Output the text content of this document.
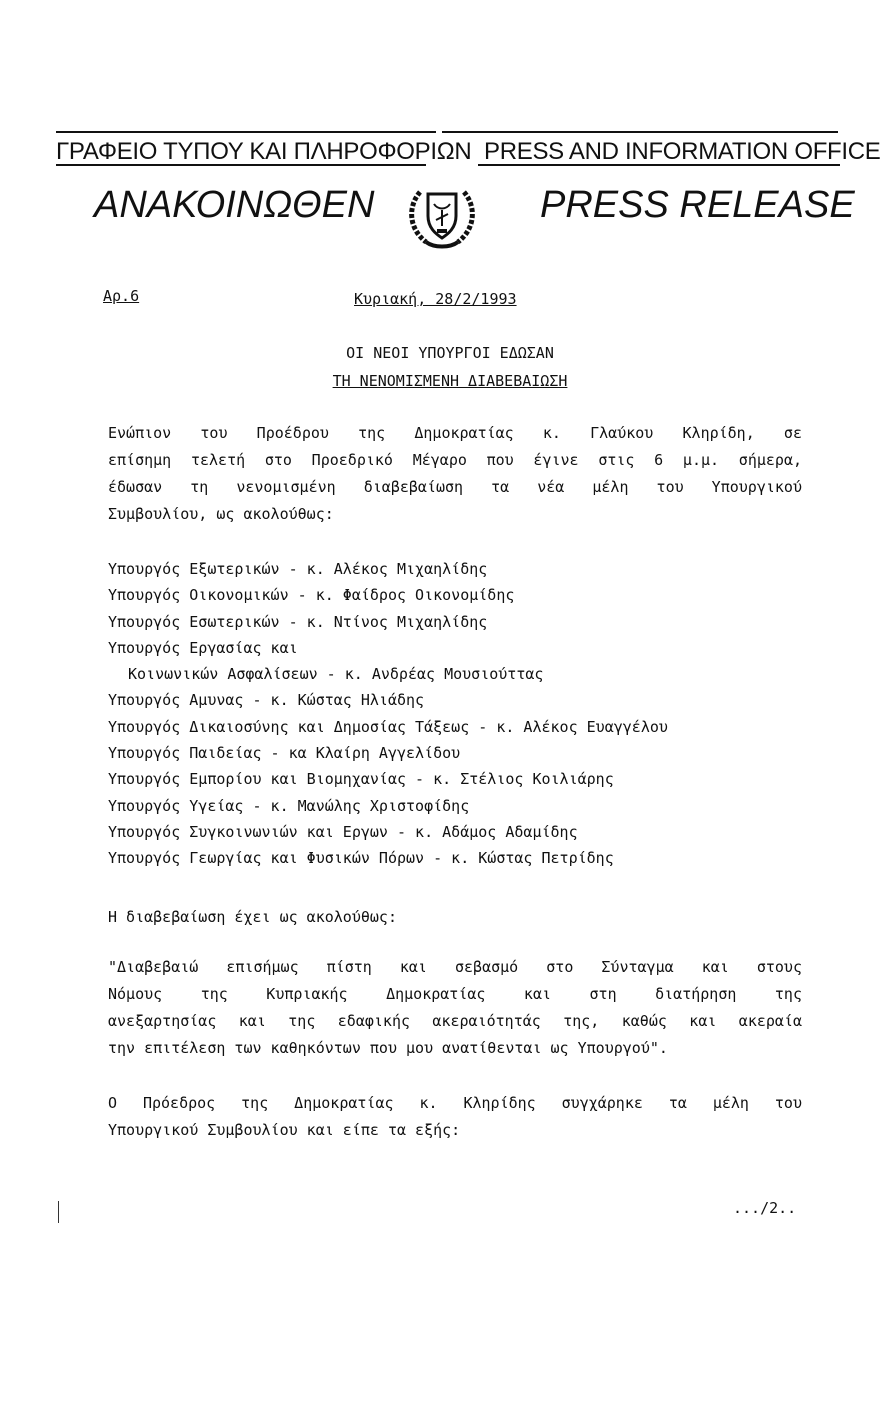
ΓΡΑΦΕΙΟ ΤΥΠΟΥ ΚΑΙ ΠΛΗΡΟΦΟΡΙΩΝ PRESS AND INFORMATION OFFICE
ΑΝΑΚΟΙΝΩΘΕΝ	PRESS RELEASE
Αρ.6	Κυριακή, 28/2/1993
ΟΙ ΝΕΟΙ ΥΠΟΥΡΓΟΙ ΕΔΩΣΑΝ
ΤΗ ΝΕΝΟΜΙΣΜΕΝΗ ΔΙΑΒΕΒΑΙΩΣΗ
Ενώπιον του Προέδρου της Δημοκρατίας κ. Γλαύκου Κληρίδη, σε
επίσημη τελετή στο Προεδρικό Μέγαρο που έγινε στις 6 μ.μ. σήμερα,
έδωσαν τη νενομισμένη διαβεβαίωση τα νέα μέλη του Υπουργικού
Συμβουλίου, ως ακολούθως:
Υπουργός Εξωτερικών - κ. Αλέκος Μιχαηλίδης
Υπουργός Οικονομικών - κ. Φαίδρος Οικονομίδης
Υπουργός Εσωτερικών - κ. Ντίνος Μιχαηλίδης
Υπουργός Εργασίας και
Κοινωνικών Ασφαλίσεων - κ. Ανδρέας Μουσιούττας
Υπουργός Αμυνας - κ. Κώστας Ηλιάδης
Υπουργός Δικαιοσύνης και Δημοσίας Τάξεως - κ. Αλέκος Ευαγγέλου
Υπουργός Παιδείας - κα Κλαίρη Αγγελίδου
Υπουργός Εμπορίου και Βιομηχανίας - κ. Στέλιος Κοιλιάρης
Υπουργός Υγείας - κ. Μανώλης Χριστοφίδης
Υπουργός Συγκοινωνιών και Εργων - κ. Αδάμος Αδαμίδης
Υπουργός Γεωργίας και Φυσικών Πόρων - κ. Κώστας Πετρίδης
Η διαβεβαίωση έχει ως ακολούθως:
"Διαβεβαιώ επισήμως πίστη και σεβασμό στο Σύνταγμα και στους
Νόμους της Κυπριακής Δημοκρατίας και στη διατήρηση της
ανεξαρτησίας και της εδαφικής ακεραιότητάς της, καθώς και ακεραία
την επιτέλεση των καθηκόντων που μου ανατίθενται ως Υπουργού".
Ο Πρόεδρος της Δημοκρατίας κ. Κληρίδης συγχάρηκε τα μέλη του
Υπουργικού Συμβουλίου και είπε τα εξής:
.../2..
